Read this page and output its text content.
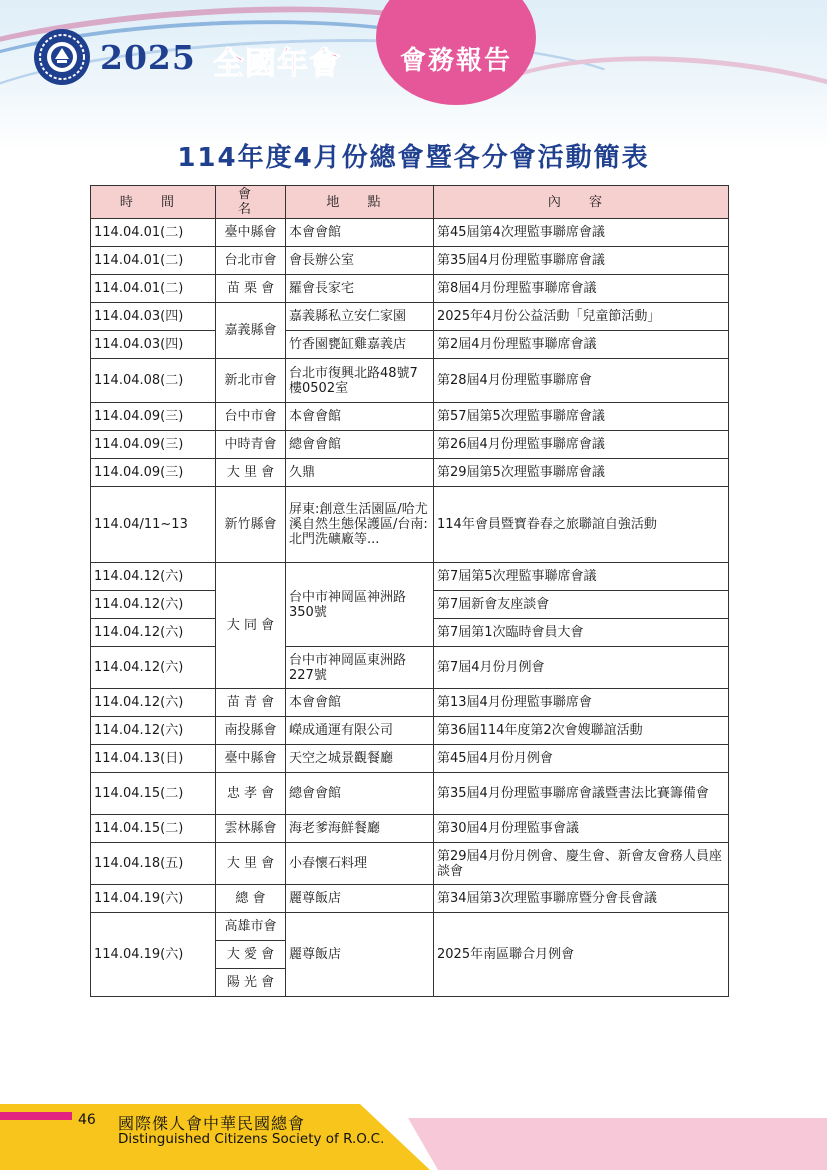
2025 全國年會	會務報告
114年度4月份總會暨各分會活動簡表
時 間	會 名	地 點	內 容
114.04.01(二)	臺中縣會	本會會館	第45屆第4次理監事聯席會議
114.04.01(二)	台北市會	會長辦公室	第35屆4月份理監事聯席會議
114.04.01(二)	苗 栗 會	羅會長家宅	第8屆4月份理監事聯席會議
114.04.03(四)	嘉義縣會	嘉義縣私立安仁家園	2025年4月份公益活動「兒童節活動」
114.04.03(四)		竹香園甕缸雞嘉義店	第2屆4月份理監事聯席會議
114.04.08(二)	新北市會	台北市復興北路48號7樓0502室	第28屆4月份理監事聯席會
114.04.09(三)	台中市會	本會會館	第57屆第5次理監事聯席會議
114.04.09(三)	中時青會	總會會館	第26屆4月份理監事聯席會議
114.04.09(三)	大 里 會	久鼎	第29屆第5次理監事聯席會議
114.04/11~13	新竹縣會	屏東:創意生活園區/哈尤溪自然生態保護區/台南:北門洗礦廠等...	114年會員暨寶眷春之旅聯誼自強活動
114.04.12(六)	大 同 會	台中市神岡區神洲路350號	第7屆第5次理監事聯席會議
114.04.12(六)			第7屆新會友座談會
114.04.12(六)			第7屆第1次臨時會員大會
114.04.12(六)		台中市神岡區東洲路227號	第7屆4月份月例會
114.04.12(六)	苗 青 會	本會會館	第13屆4月份理監事聯席會
114.04.12(六)	南投縣會	嶸成通運有限公司	第36屆114年度第2次會嫂聯誼活動
114.04.13(日)	臺中縣會	天空之城景觀餐廳	第45屆4月份月例會
114.04.15(二)	忠 孝 會	總會會館	第35屆4月份理監事聯席會議暨書法比賽籌備會
114.04.15(二)	雲林縣會	海老爹海鮮餐廳	第30屆4月份理監事會議
114.04.18(五)	大 里 會	小春懷石料理	第29屆4月份月例會、慶生會、新會友會務人員座談會
114.04.19(六)	總 會	麗尊飯店	第34屆第3次理監事聯席暨分會長會議
114.04.19(六)	高雄市會	麗尊飯店	2025年南區聯合月例會
	大 愛 會		
	陽 光 會		
46 國際傑人會中華民國總會
Distinguished Citizens Society of R.O.C.
